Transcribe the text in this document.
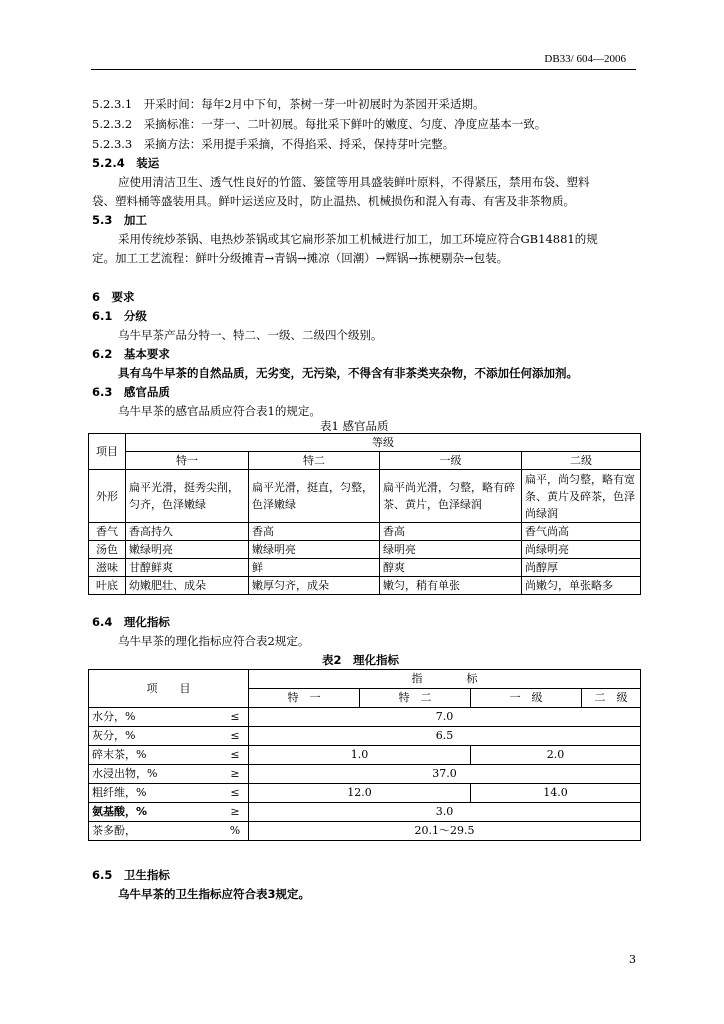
DB33/ 604—2006
5.2.3.1　开采时间：每年2月中下旬，茶树一芽一叶初展时为茶园开采适期。
5.2.3.2　采摘标准：一芽一、二叶初展。每批采下鲜叶的嫩度、匀度、净度应基本一致。
5.2.3.3　采摘方法：采用提手采摘，不得掐采、捋采，保持芽叶完整。
5.2.4　装运
应使用清洁卫生、透气性良好的竹篮、篓筐等用具盛装鲜叶原料，不得紧压，禁用布袋、塑料
袋、塑料桶等盛装用具。鲜叶运送应及时，防止温热、机械损伤和混入有毒、有害及非茶物质。
5.3　加工
采用传统炒茶锅、电热炒茶锅或其它扁形茶加工机械进行加工，加工环境应符合GB14881的规
定。加工工艺流程：鲜叶分级摊青→青锅→摊凉（回潮）→辉锅→拣梗剔杂→包装。
6　要求
6.1　分级
乌牛早茶产品分特一、特二、一级、二级四个级别。
6.2　基本要求
具有乌牛早茶的自然品质，无劣变，无污染，不得含有非茶类夹杂物，不添加任何添加剂。
6.3　感官品质
乌牛早茶的感官品质应符合表1的规定。
表1 感官品质
项目	等级			
	特一	特二	一级	二级
外形	扁平光滑，挺秀尖削，匀齐，色泽嫩绿	扁平光滑，挺直，匀整，色泽嫩绿	扁平尚光滑，匀整，略有碎茶、黄片，色泽绿润	扁平，尚匀整，略有宽条、黄片及碎茶，色泽尚绿润
香气	香高持久	香高	香高	香气尚高
汤色	嫩绿明亮	嫩绿明亮	绿明亮	尚绿明亮
滋味	甘醇鲜爽	鲜	醇爽	尚醇厚
叶底	幼嫩肥壮、成朵	嫩厚匀齐，成朵	嫩匀，稍有单张	尚嫩匀，单张略多
6.4　理化指标
乌牛早茶的理化指标应符合表2规定。
表2　理化指标
项　　目		指　　　　标			
		特　一	特　二	一　级	二　级
水分，%	≤	7.0			
灰分，%	≤	6.5			
碎末茶，%	≤	1.0		2.0	
水浸出物，%	≥	37.0			
粗纤维，%	≤	12.0		14.0	
氨基酸，%	≥	3.0			
茶多酚，	%	20.1～29.5			
6.5　卫生指标
乌牛早茶的卫生指标应符合表3规定。
3
